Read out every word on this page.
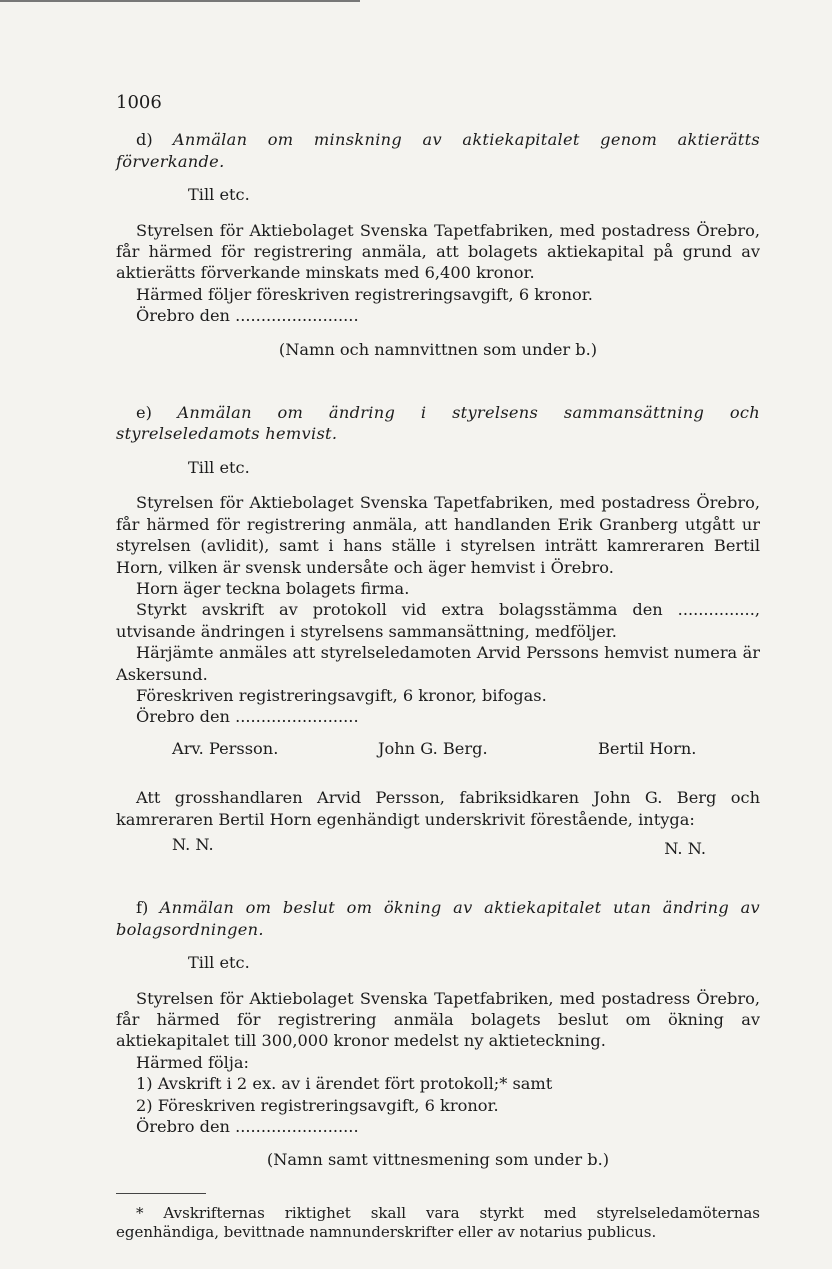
1006

d) Anmälan om minskning av aktiekapitalet genom aktierätts förverkande.

Till etc.

Styrelsen för Aktiebolaget Svenska Tapetfabriken, med postadress Örebro, får härmed för registrering anmäla, att bolagets aktiekapital på grund av aktierätts förverkande minskats med 6,400 kronor.

Härmed följer föreskriven registreringsavgift, 6 kronor.

Örebro den ........................

(Namn och namnvittnen som under b.)

e) Anmälan om ändring i styrelsens sammansättning och styrelseledamots hemvist.

Till etc.

Styrelsen för Aktiebolaget Svenska Tapetfabriken, med postadress Örebro, får härmed för registrering anmäla, att handlanden Erik Granberg utgått ur styrelsen (avlidit), samt i hans ställe i styrelsen inträtt kamreraren Bertil Horn, vilken är svensk undersåte och äger hemvist i Örebro.

Horn äger teckna bolagets firma.

Styrkt avskrift av protokoll vid extra bolagsstämma den ..............., utvisande ändringen i styrelsens sammansättning, medföljer.

Härjämte anmäles att styrelseledamoten Arvid Perssons hemvist numera är Askersund.

Föreskriven registreringsavgift, 6 kronor, bifogas.

Örebro den ........................

Arv. Persson.	John G. Berg.	Bertil Horn.

Att grosshandlaren Arvid Persson, fabriksidkaren John G. Berg och kamreraren Bertil Horn egenhändigt underskrivit förestående, intyga:

N. N.	N. N.

f) Anmälan om beslut om ökning av aktiekapitalet utan ändring av bolagsordningen.

Till etc.

Styrelsen för Aktiebolaget Svenska Tapetfabriken, med postadress Örebro, får härmed för registrering anmäla bolagets beslut om ökning av aktiekapitalet till 300,000 kronor medelst ny aktieteckning.

Härmed följa:

1) Avskrift i 2 ex. av i ärendet fört protokoll;* samt

2) Föreskriven registreringsavgift, 6 kronor.

Örebro den ........................

(Namn samt vittnesmening som under b.)

* Avskrifternas riktighet skall vara styrkt med styrelseledamöternas egenhändiga, bevittnade namnunderskrifter eller av notarius publicus.
